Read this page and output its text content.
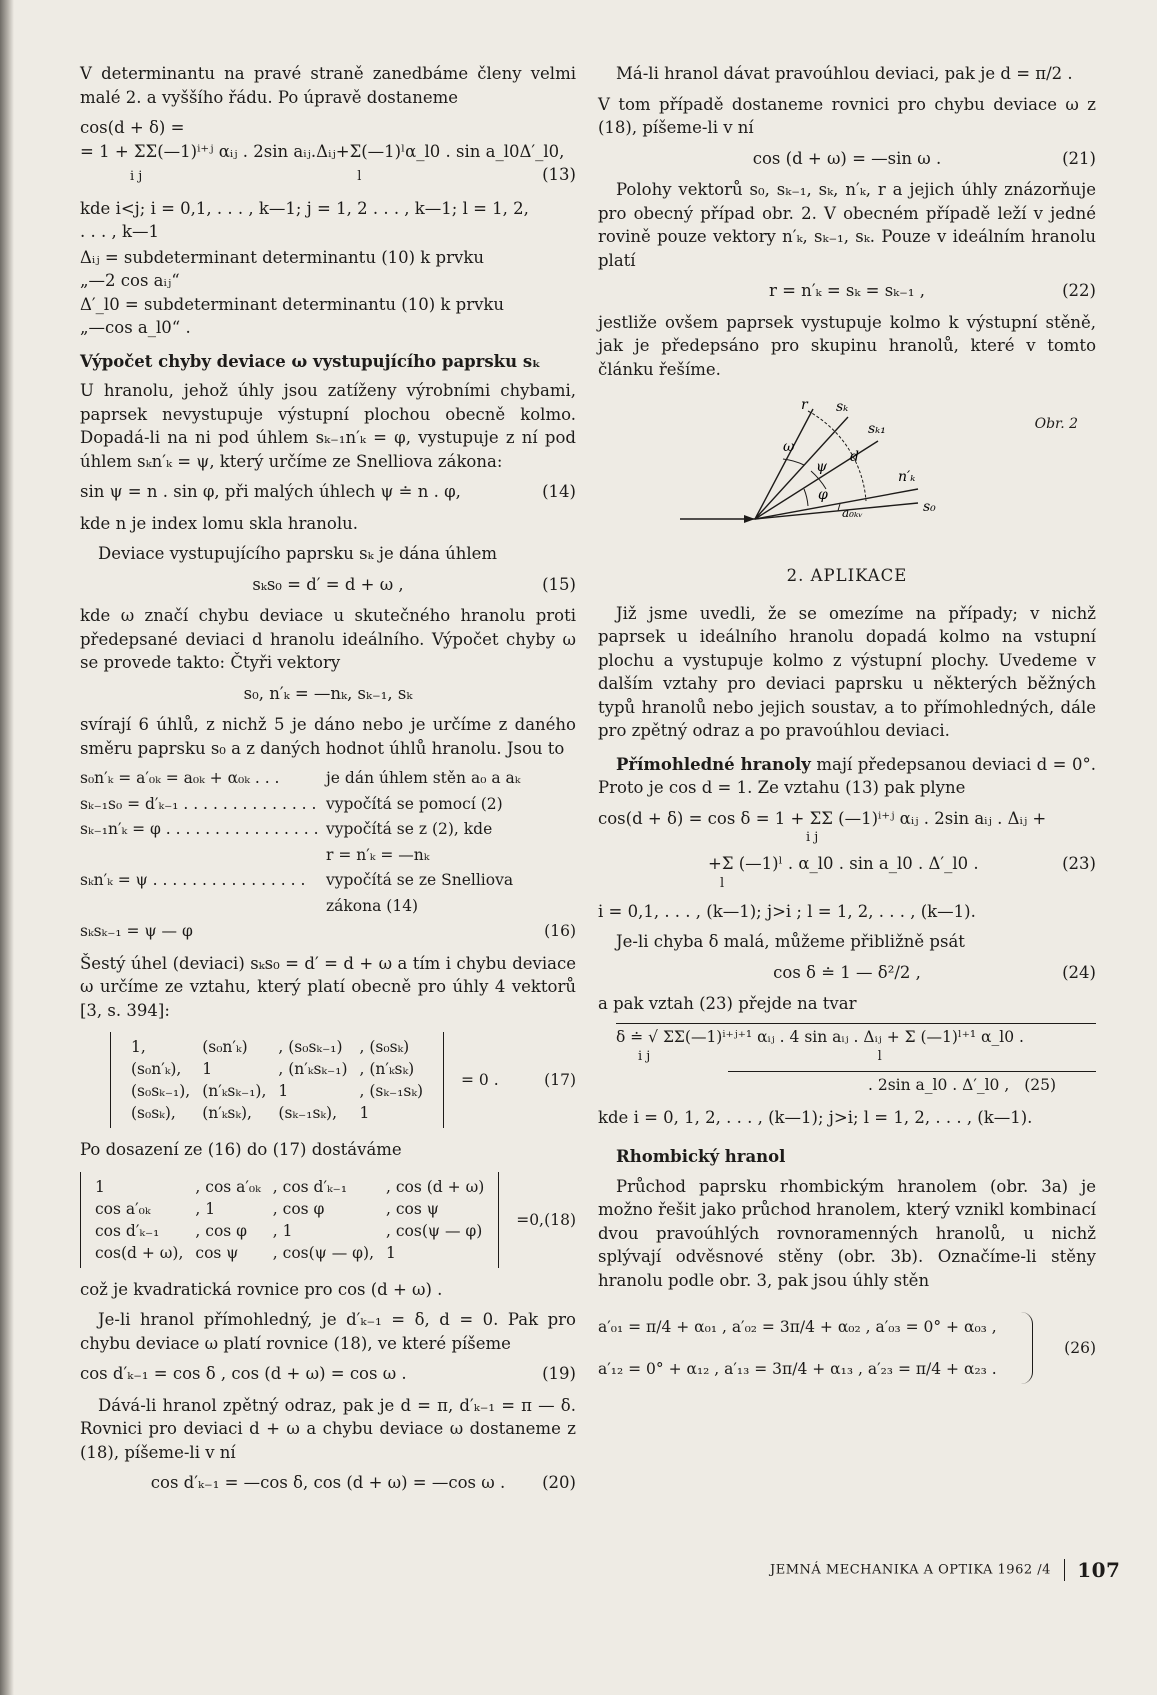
V determinantu na pravé straně zanedbáme členy velmi malé 2. a vyššího řádu. Po úpravě dostaneme

cos(d + δ) =
= 1 + ΣΣ(—1)ⁱ⁺ʲ αᵢⱼ . 2sin aᵢⱼ.Δᵢⱼ+Σ(—1)ˡα_l0 . sin a_l0Δ′_l0,
i j                                                    l	(13)

kde i<j; i = 0,1, . . . , k—1; j = 1, 2 . . . , k—1; l = 1, 2,

. . . , k—1

Δᵢⱼ = subdeterminant determinantu (10) k prvku

„—2 cos aᵢⱼ“

Δ′_l0 = subdeterminant determinantu (10) k prvku

„—cos a_l0“ .

Výpočet chyby deviace ω vystupujícího paprsku sₖ

U hranolu, jehož úhly jsou zatíženy výrobními chybami, paprsek nevystupuje výstupní plochou obecně kolmo. Dopadá-li na ni pod úhlem sₖ₋₁n′ₖ = φ, vystupuje z ní pod úhlem sₖn′ₖ = ψ, který určíme ze Snelliova zákona:

sin ψ = n . sin φ, při malých úhlech ψ ≐ n . φ,	(14)

kde n je index lomu skla hranolu.

Deviace vystupujícího paprsku sₖ je dána úhlem

sₖs₀ = d′ = d + ω ,	(15)

kde ω značí chybu deviace u skutečného hranolu proti předepsané deviaci d hranolu ideálního. Výpočet chyby ω se provede takto: Čtyři vektory

s₀, n′ₖ = —nₖ, sₖ₋₁, sₖ

svírají 6 úhlů, z nichž 5 je dáno nebo je určíme z daného směru paprsku s₀ a z daných hodnot úhlů hranolu. Jsou to

s₀n′ₖ = a′₀ₖ = a₀ₖ + α₀ₖ . . .	je dán úhlem stěn a₀ a aₖ
sₖ₋₁s₀ = d′ₖ₋₁ . . . . . . . . . . . . . . vypočítá se pomocí (2)
sₖ₋₁n′ₖ = φ . . . . . . . . . . . . . . . . vypočítá se z (2), kde
r = n′ₖ = —nₖ
sₖn′ₖ = ψ . . . . . . . . . . . . . . . .	vypočítá se ze Snelliova
zákona (14)
sₖsₖ₋₁ = ψ — φ	(16)

Šestý úhel (deviaci) sₖs₀ = d′ = d + ω a tím i chybu deviace ω určíme ze vztahu, který platí obecně pro úhly 4 vektorů [3, s. 394]:

1,	(s₀n′ₖ)	, (s₀sₖ₋₁)	, (s₀sₖ)
(s₀n′ₖ),	1	, (n′ₖsₖ₋₁)	, (n′ₖsₖ)
(s₀sₖ₋₁),	(n′ₖsₖ₋₁),	1	, (sₖ₋₁sₖ)
(s₀sₖ),	(n′ₖsₖ),	(sₖ₋₁sₖ),	1
= 0 .	(17)

Po dosazení ze (16) do (17) dostáváme

1	, cos a′₀ₖ	, cos d′ₖ₋₁	, cos (d + ω)
cos a′₀ₖ	, 1	, cos φ	, cos ψ
cos d′ₖ₋₁	, cos φ	, 1	, cos(ψ — φ)
cos(d + ω),	cos ψ	, cos(ψ — φ),	1
=0, (18)

což je kvadratická rovnice pro cos (d + ω) .

Je-li hranol přímohledný, je d′ₖ₋₁ = δ, d = 0. Pak pro chybu deviace ω platí rovnice (18), ve které píšeme

cos d′ₖ₋₁ = cos δ , cos (d + ω) = cos ω .	(19)

Dává-li hranol zpětný odraz, pak je d = π, d′ₖ₋₁ = π — δ. Rovnici pro deviaci d + ω a chybu deviace ω dostaneme z (18), píšeme-li v ní

cos d′ₖ₋₁ = —cos δ, cos (d + ω) = —cos ω . (20)

Má-li hranol dávat pravoúhlou deviaci, pak je d = π/2 .

V tom případě dostaneme rovnici pro chybu deviace ω z (18), píšeme-li v ní

cos (d + ω) = —sin ω .	(21)

Polohy vektorů s₀, sₖ₋₁, sₖ, n′ₖ, r a jejich úhly znázorňuje pro obecný případ obr. 2. V obecném případě leží v jedné rovině pouze vektory n′ₖ, sₖ₋₁, sₖ. Pouze v ideálním hranolu platí

r = n′ₖ = sₖ = sₖ₋₁ ,	(22)

jestliže ovšem paprsek vystupuje kolmo k výstupní stěně, jak je předepsáno pro skupinu hranolů, které v tomto článku řešíme.

r sₖ
sₖ₁
d
n′ₖ
s₀
ω
ψ
φ
a₀ₖᵥ
Obr. 2
2. APLIKACE

Již jsme uvedli, že se omezíme na případy; v nichž paprsek u ideálního hranolu dopadá kolmo na vstupní plochu a vystupuje kolmo z výstupní plochy. Uvedeme v dalším vztahy pro deviaci paprsku u některých běžných typů hranolů nebo jejich soustav, a to přímohledných, dále pro zpětný odraz a po pravoúhlou deviaci.

Přímohledné hranoly mají předepsanou deviaci d = 0°. Proto je cos d = 1. Ze vztahu (13) pak plyne

cos(d + δ) = cos δ = 1 + ΣΣ (—1)ⁱ⁺ʲ αᵢⱼ . 2sin aᵢⱼ . Δᵢⱼ +
i j
+Σ (—1)ˡ . α_l0 . sin a_l0 . Δ′_l0 .	(23)
l

i = 0,1, . . . , (k—1); j>i ; l = 1, 2, . . . , (k—1).

Je-li chyba δ malá, můžeme přibližně psát

cos δ ≐ 1 — δ²/2 ,	(24)

a pak vztah (23) přejde na tvar

δ ≐ √ ΣΣ(—1)ⁱ⁺ʲ⁺¹ αᵢⱼ . 4 sin aᵢⱼ . Δᵢⱼ + Σ (—1)ˡ⁺¹ α_l0 .
i j                                                       l
. 2sin a_l0 . Δ′_l0 , (25)

kde i = 0, 1, 2, . . . , (k—1); j>i; l = 1, 2, . . . , (k—1).

Rhombický hranol

Průchod paprsku rhombickým hranolem (obr. 3a) je možno řešit jako průchod hranolem, který vznikl kombinací dvou pravoúhlých rovnoramenných hranolů, u nichž splývají odvěsnové stěny (obr. 3b). Označíme-li stěny hranolu podle obr. 3, pak jsou úhly stěn

a′₀₁ = π/4 + α₀₁ , a′₀₂ = 3π/4 + α₀₂ , a′₀₃ = 0° + α₀₃ ,
a′₁₂ = 0° + α₁₂ , a′₁₃ = 3π/4 + α₁₃ , a′₂₃ = π/4 + α₂₃ .
(26)
JEMNÁ MECHANIKA A OPTIKA 1962 /4 107
